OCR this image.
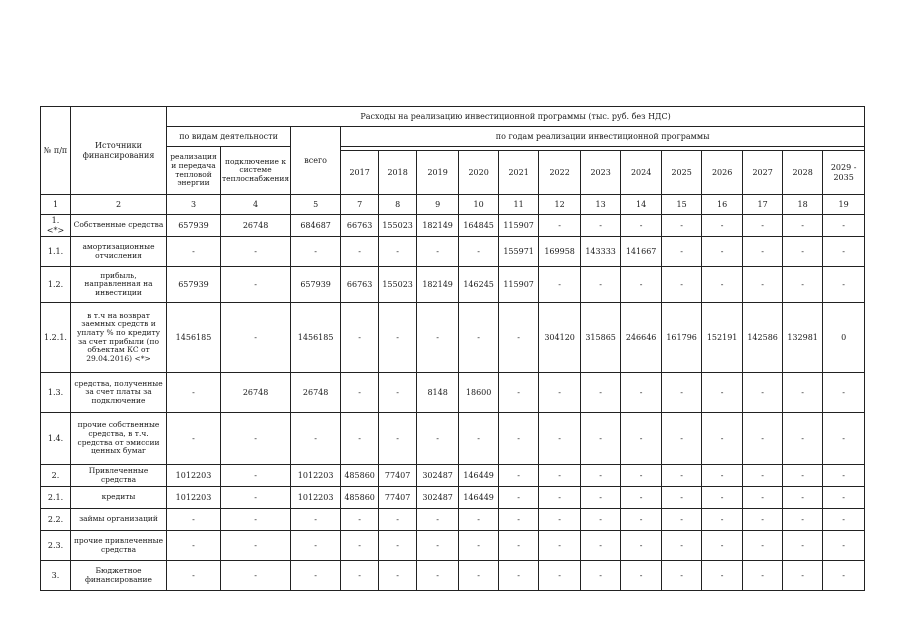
№ п/п	Источники финансирования	Расходы на реализацию инвестиционной программы (тыс. руб. без НДС)															
		по видам деятельности		всего	по годам реализации инвестиционной программы												
		реализация и передача тепловой энергии	подключение к системе теплоснабжения														
					2017	2018	2019	2020	2021	2022	2023	2024	2025	2026	2027	2028	2029 - 2035
1	2	3	4	5	7	8	9	10	11	12	13	14	15	16	17	18	19
1. <*>	Собственные средства	657939	26748	684687	66763	155023	182149	164845	115907	-	-	-	-	-	-	-	-
1.1.	амортизационные отчисления	-	-	-	-	-	-	-	155971	169958	143333	141667	-	-	-	-	-
1.2.	прибыль, направленная на инвестиции	657939	-	657939	66763	155023	182149	146245	115907	-	-	-	-	-	-	-	-
1.2.1.	в т.ч на возврат заемных средств и уплату % по кредиту за счет прибыли (по объектам КС от 29.04.2016) <*>	1456185	-	1456185	-	-	-	-	-	304120	315865	246646	161796	152191	142586	132981	0
1.3.	средства, полученные за счет платы за подключение	-	26748	26748	-	-	8148	18600	-	-	-	-	-	-	-	-	-
1.4.	прочие собственные средства, в т.ч. средства от эмиссии ценных бумаг	-	-	-	-	-	-	-	-	-	-	-	-	-	-	-	-
2.	Привлеченные средства	1012203	-	1012203	485860	77407	302487	146449	-	-	-	-	-	-	-	-	-
2.1.	кредиты	1012203	-	1012203	485860	77407	302487	146449	-	-	-	-	-	-	-	-	-
2.2.	займы организаций	-	-	-	-	-	-	-	-	-	-	-	-	-	-	-	-
2.3.	прочие привлеченные средства	-	-	-	-	-	-	-	-	-	-	-	-	-	-	-	-
3.	Бюджетное финансирование	-	-	-	-	-	-	-	-	-	-	-	-	-	-	-	-
